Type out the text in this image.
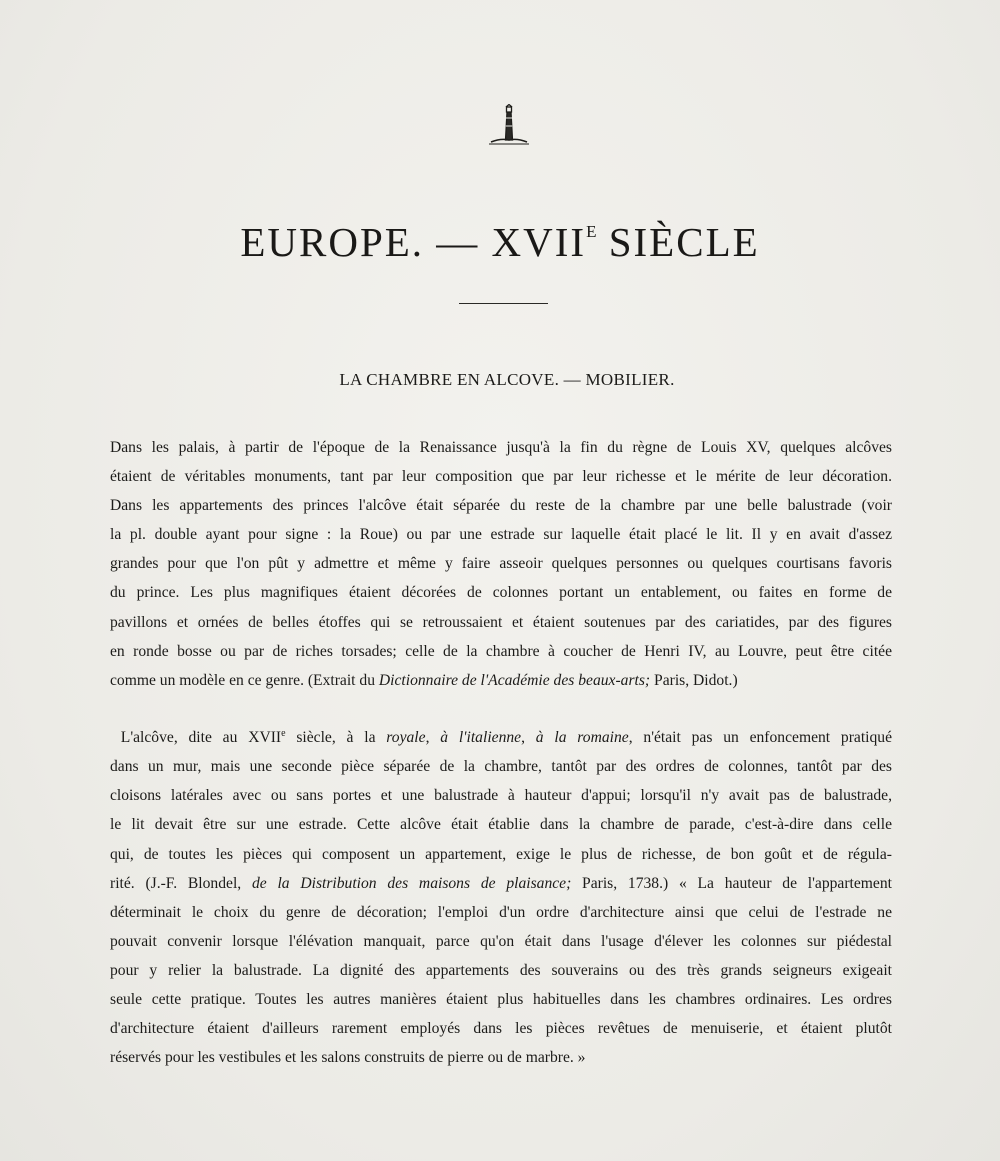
EUROPE. — $XVII^E$ SIÈCLE
LA CHAMBRE EN ALCOVE. — MOBILIER.
Dans les palais, à partir de l'époque de la Renaissance jusqu'à la fin du règne de Louis XV, quelques alcôves
étaient de véritables monuments, tant par leur composition que par leur richesse et le mérite de leur décoration.
Dans les appartements des princes l'alcôve était séparée du reste de la chambre par une belle balustrade (voir
la pl. double ayant pour signe : la Roue) ou par une estrade sur laquelle était placé le lit. Il y en avait d'assez
grandes pour que l'on pût y admettre et même y faire asseoir quelques personnes ou quelques courtisans favoris
du prince. Les plus magnifiques étaient décorées de colonnes portant un entablement, ou faites en forme de
pavillons et ornées de belles étoffes qui se retroussaient et étaient soutenues par des cariatides, par des figures
en ronde bosse ou par de riches torsades; celle de la chambre à coucher de Henri IV, au Louvre, peut être citée
comme un modèle en ce genre. (Extrait du Dictionnaire de l'Académie des beaux-arts; Paris, Didot.)
L'alcôve, dite au XVIIe siècle, à la royale, à l'italienne, à la romaine, n'était pas un enfoncement pratiqué
dans un mur, mais une seconde pièce séparée de la chambre, tantôt par des ordres de colonnes, tantôt par des
cloisons latérales avec ou sans portes et une balustrade à hauteur d'appui; lorsqu'il n'y avait pas de balustrade,
le lit devait être sur une estrade. Cette alcôve était établie dans la chambre de parade, c'est-à-dire dans celle
qui, de toutes les pièces qui composent un appartement, exige le plus de richesse, de bon goût et de régula-
rité. (J.-F. Blondel, de la Distribution des maisons de plaisance; Paris, 1738.) « La hauteur de l'appartement
déterminait le choix du genre de décoration; l'emploi d'un ordre d'architecture ainsi que celui de l'estrade ne
pouvait convenir lorsque l'élévation manquait, parce qu'on était dans l'usage d'élever les colonnes sur piédestal
pour y relier la balustrade. La dignité des appartements des souverains ou des très grands seigneurs exigeait
seule cette pratique. Toutes les autres manières étaient plus habituelles dans les chambres ordinaires. Les ordres
d'architecture étaient d'ailleurs rarement employés dans les pièces revêtues de menuiserie, et étaient plutôt
réservés pour les vestibules et les salons construits de pierre ou de marbre. »
